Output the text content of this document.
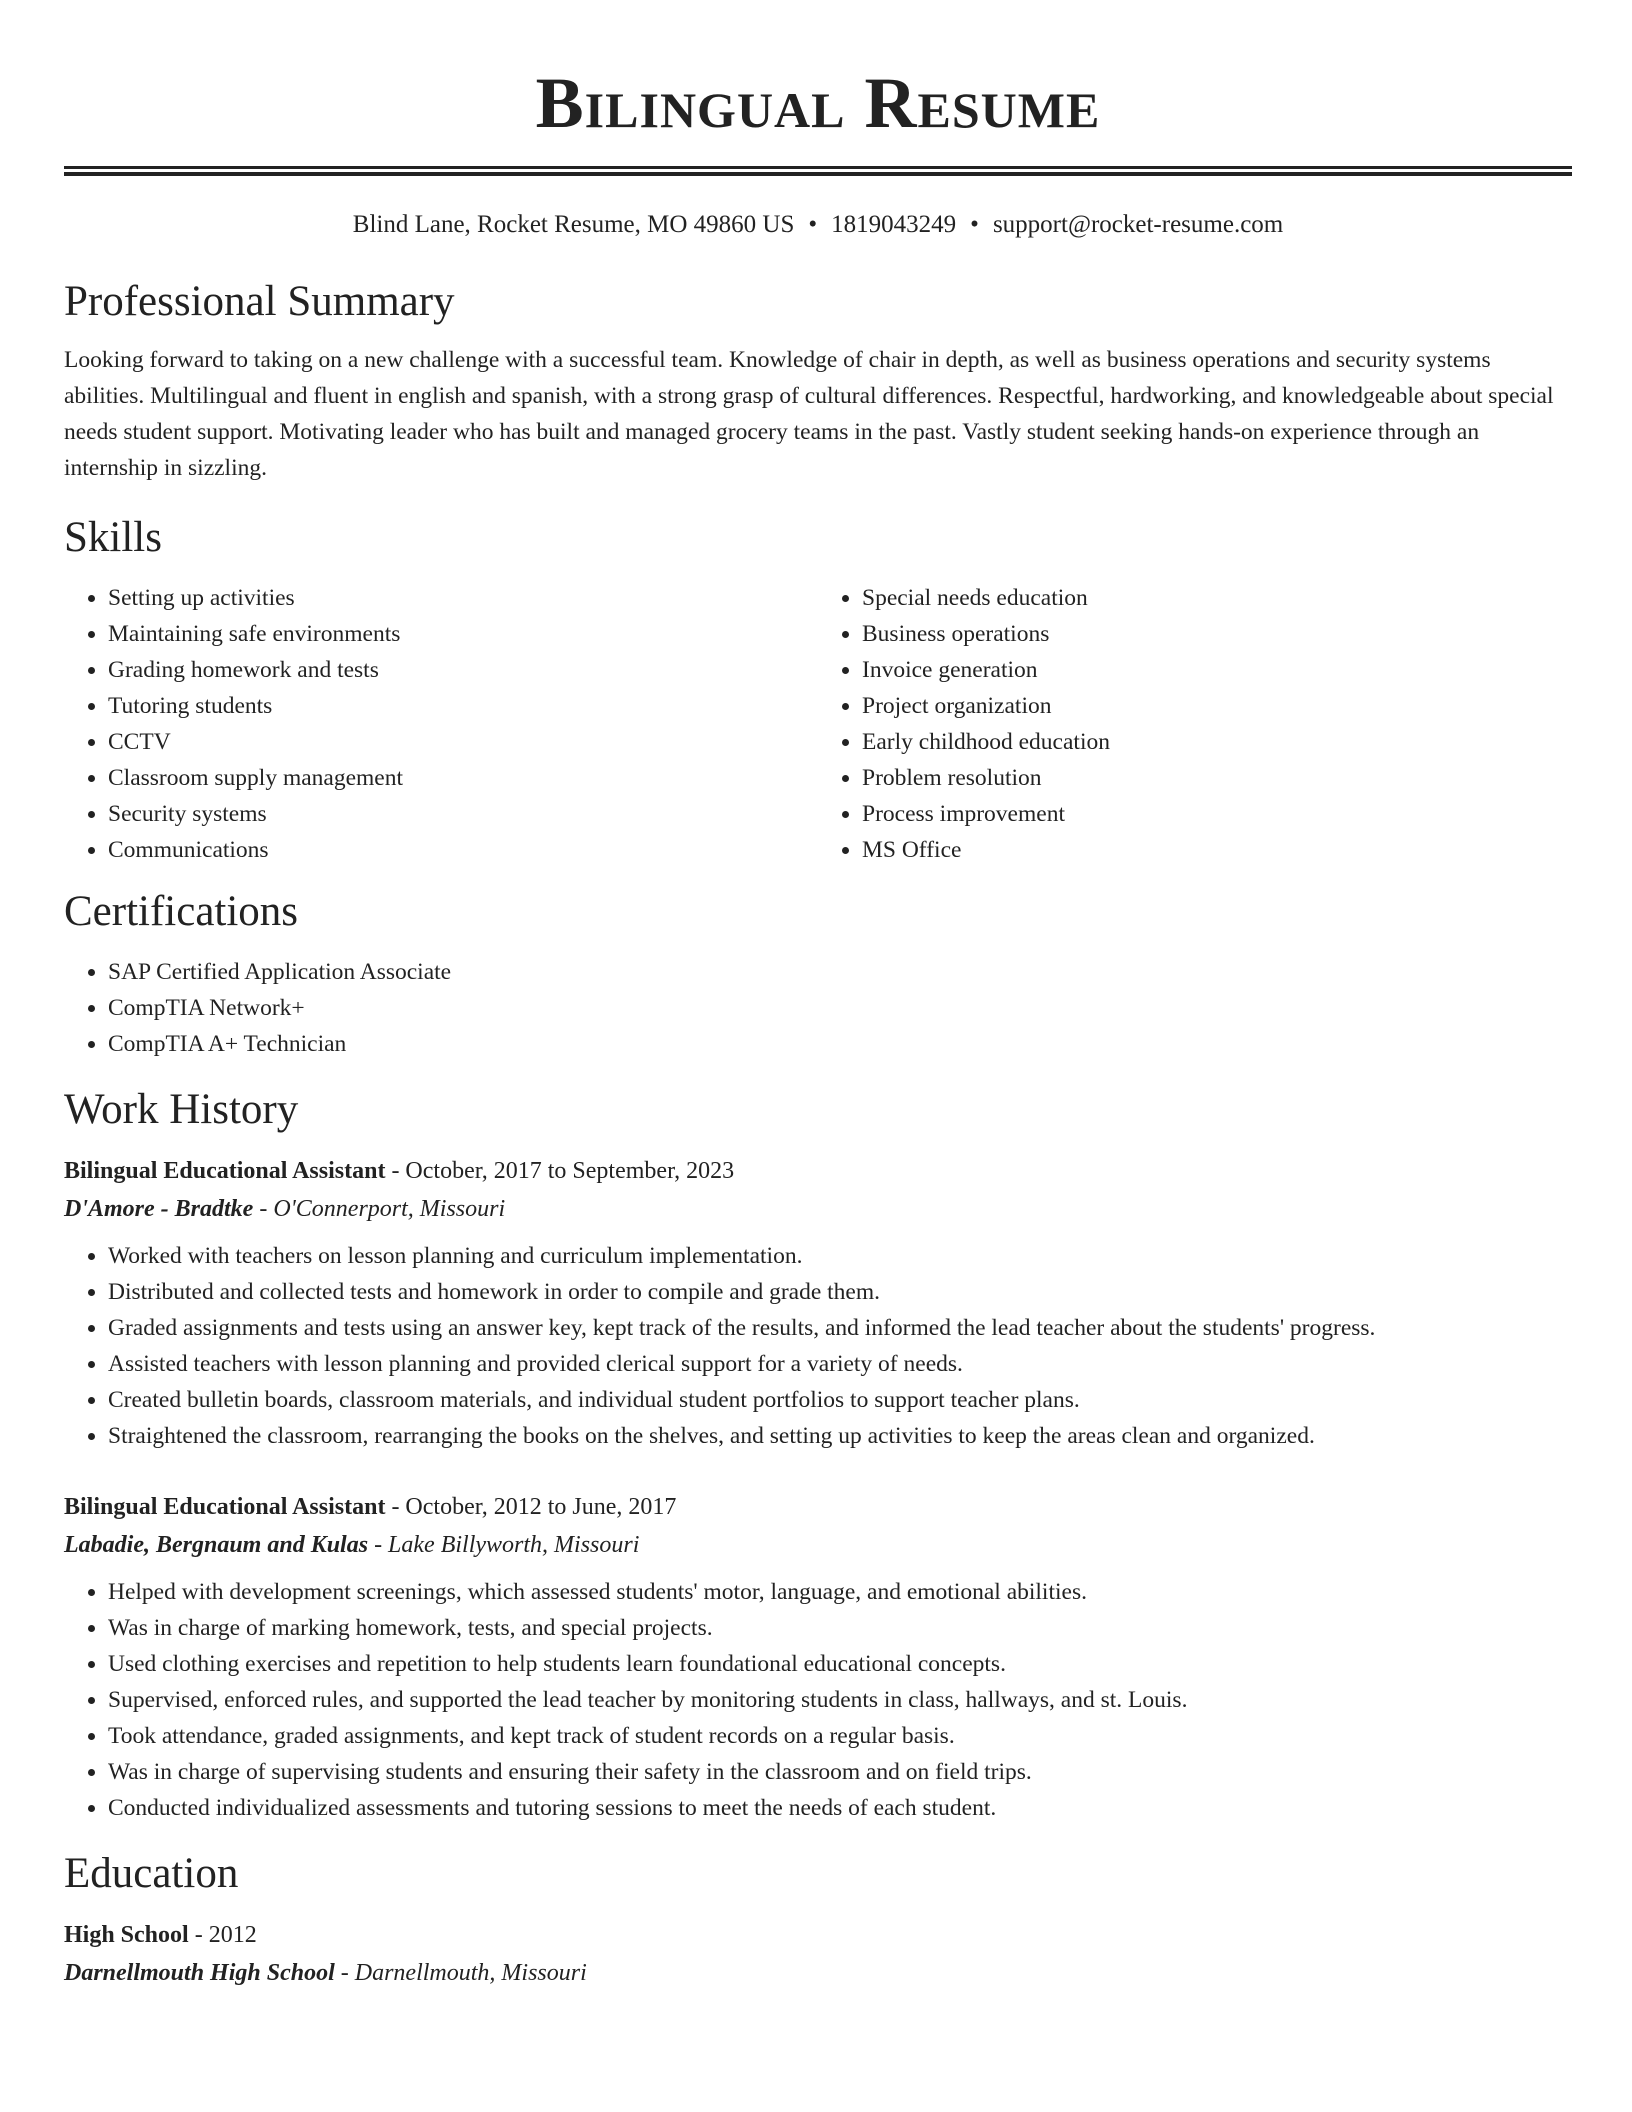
Bilingual Resume
Blind Lane, Rocket Resume, MO 49860 US • 1819043249 • support@rocket-resume.com
Professional Summary

Looking forward to taking on a new challenge with a successful team. Knowledge of chair in depth, as well as business operations and security systems abilities. Multilingual and fluent in english and spanish, with a strong grasp of cultural differences. Respectful, hardworking, and knowledgeable about special needs student support. Motivating leader who has built and managed grocery teams in the past. Vastly student seeking hands-on experience through an internship in sizzling.

Skills
• Setting up activities
• Maintaining safe environments
• Grading homework and tests
• Tutoring students
• CCTV
• Classroom supply management
• Security systems
• Communications
• Special needs education
• Business operations
• Invoice generation
• Project organization
• Early childhood education
• Problem resolution
• Process improvement
• MS Office
Certifications
• SAP Certified Application Associate
• CompTIA Network+
• CompTIA A+ Technician
Work History
Bilingual Educational Assistant - October, 2017 to September, 2023
D'Amore - Bradtke - O'Connerport, Missouri
• Worked with teachers on lesson planning and curriculum implementation.
• Distributed and collected tests and homework in order to compile and grade them.
• Graded assignments and tests using an answer key, kept track of the results, and informed the lead teacher about the students' progress.
• Assisted teachers with lesson planning and provided clerical support for a variety of needs.
• Created bulletin boards, classroom materials, and individual student portfolios to support teacher plans.
• Straightened the classroom, rearranging the books on the shelves, and setting up activities to keep the areas clean and organized.
Bilingual Educational Assistant - October, 2012 to June, 2017
Labadie, Bergnaum and Kulas - Lake Billyworth, Missouri
• Helped with development screenings, which assessed students' motor, language, and emotional abilities.
• Was in charge of marking homework, tests, and special projects.
• Used clothing exercises and repetition to help students learn foundational educational concepts.
• Supervised, enforced rules, and supported the lead teacher by monitoring students in class, hallways, and st. Louis.
• Took attendance, graded assignments, and kept track of student records on a regular basis.
• Was in charge of supervising students and ensuring their safety in the classroom and on field trips.
• Conducted individualized assessments and tutoring sessions to meet the needs of each student.
Education
High School - 2012
Darnellmouth High School - Darnellmouth, Missouri
